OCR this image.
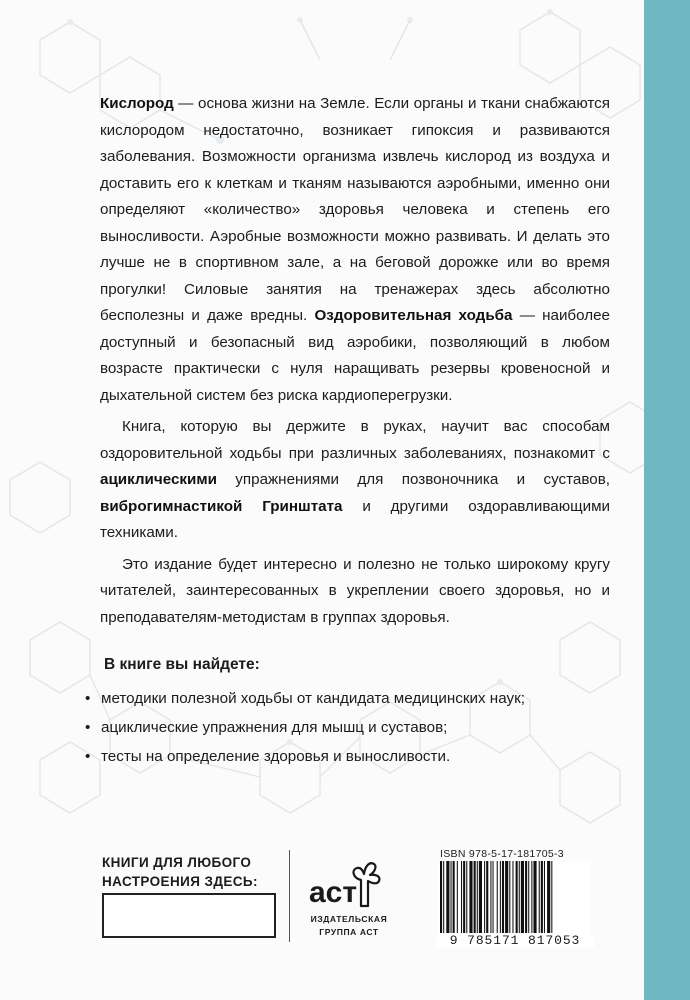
Кислород — основа жизни на Земле. Если органы и ткани снабжаются кислородом недостаточно, возникает гипоксия и развиваются заболевания. Возможности организма извлечь кислород из воздуха и доставить его к клеткам и тканям называются аэробными, именно они определяют «количество» здоровья человека и степень его выносливости. Аэробные возможности можно развивать. И делать это лучше не в спортивном зале, а на беговой дорожке или во время прогулки! Силовые занятия на тренажерах здесь абсолютно бесполезны и даже вредны. Оздоровительная ходьба — наиболее доступный и безопасный вид аэробики, позволяющий в любом возрасте практически с нуля наращивать резервы кровеносной и дыхательной систем без риска кардиоперегрузки.

Книга, которую вы держите в руках, научит вас способам оздоровительной ходьбы при различных заболеваниях, познакомит с ациклическими упражнениями для позвоночника и суставов, виброгимнастикой Гринштата и другими оздоравливающими техниками.

Это издание будет интересно и полезно не только широкому кругу читателей, заинтересованных в укреплении своего здоровья, но и преподавателям-методистам в группах здоровья.

В книге вы найдете:

• методики полезной ходьбы от кандидата медицинских наук;
• ациклические упражнения для мышц и суставов;
• тесты на определение здоровья и выносливости.

КНИГИ ДЛЯ ЛЮБОГО
НАСТРОЕНИЯ ЗДЕСЬ: аст
ИЗДАТЕЛЬСКАЯ
ГРУППА АСТ
ISBN 978-5-17-181705-3
9 785171 817053
